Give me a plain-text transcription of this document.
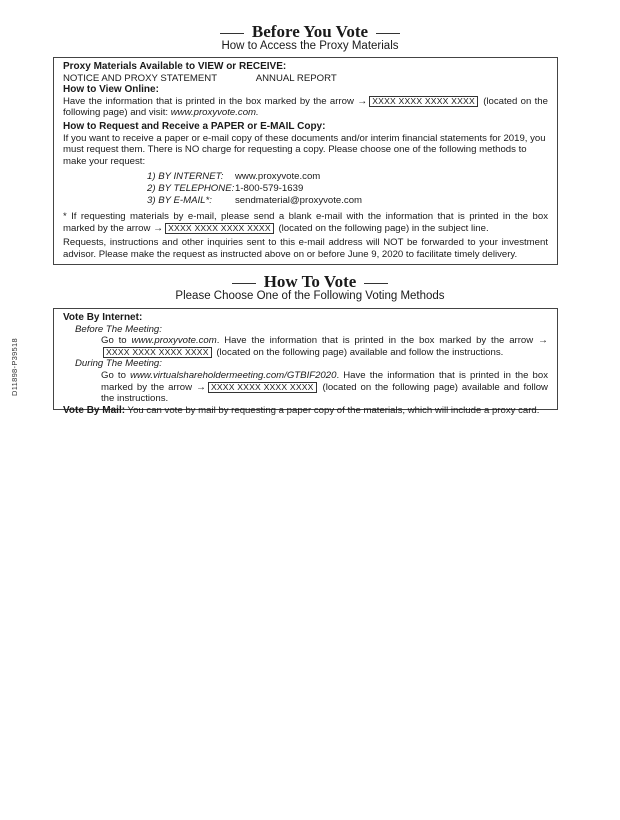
Before You Vote
How to Access the Proxy Materials
Proxy Materials Available to VIEW or RECEIVE:
NOTICE AND PROXY STATEMENT	ANNUAL REPORT
How to View Online:
Have the information that is printed in the box marked by the arrow → XXXX XXXX XXXX XXXX (located on the following page) and visit: www.proxyvote.com.
How to Request and Receive a PAPER or E-MAIL Copy:
If you want to receive a paper or e-mail copy of these documents and/or interim financial statements for 2019, you must request them. There is NO charge for requesting a copy. Please choose one of the following methods to make your request:
1) BY INTERNET:	www.proxyvote.com
2) BY TELEPHONE: 1-800-579-1639
3) BY E-MAIL*:	sendmaterial@proxyvote.com
* If requesting materials by e-mail, please send a blank e-mail with the information that is printed in the box marked by the arrow → XXXX XXXX XXXX XXXX (located on the following page) in the subject line.
Requests, instructions and other inquiries sent to this e-mail address will NOT be forwarded to your investment advisor. Please make the request as instructed above on or before June 9, 2020 to facilitate timely delivery.
How To Vote
Please Choose One of the Following Voting Methods
Vote By Internet:
Before The Meeting:
Go to www.proxyvote.com. Have the information that is printed in the box marked by the arrow →XXXX XXXX XXXX XXXX (located on the following page) available and follow the instructions.
During The Meeting:
Go to www.virtualshareholdermeeting.com/GTBIF2020. Have the information that is printed in the box marked by the arrow → XXXX XXXX XXXX XXXX (located on the following page) available and follow the instructions.
Vote By Mail: You can vote by mail by requesting a paper copy of the materials, which will include a proxy card.
D11898-P39518
